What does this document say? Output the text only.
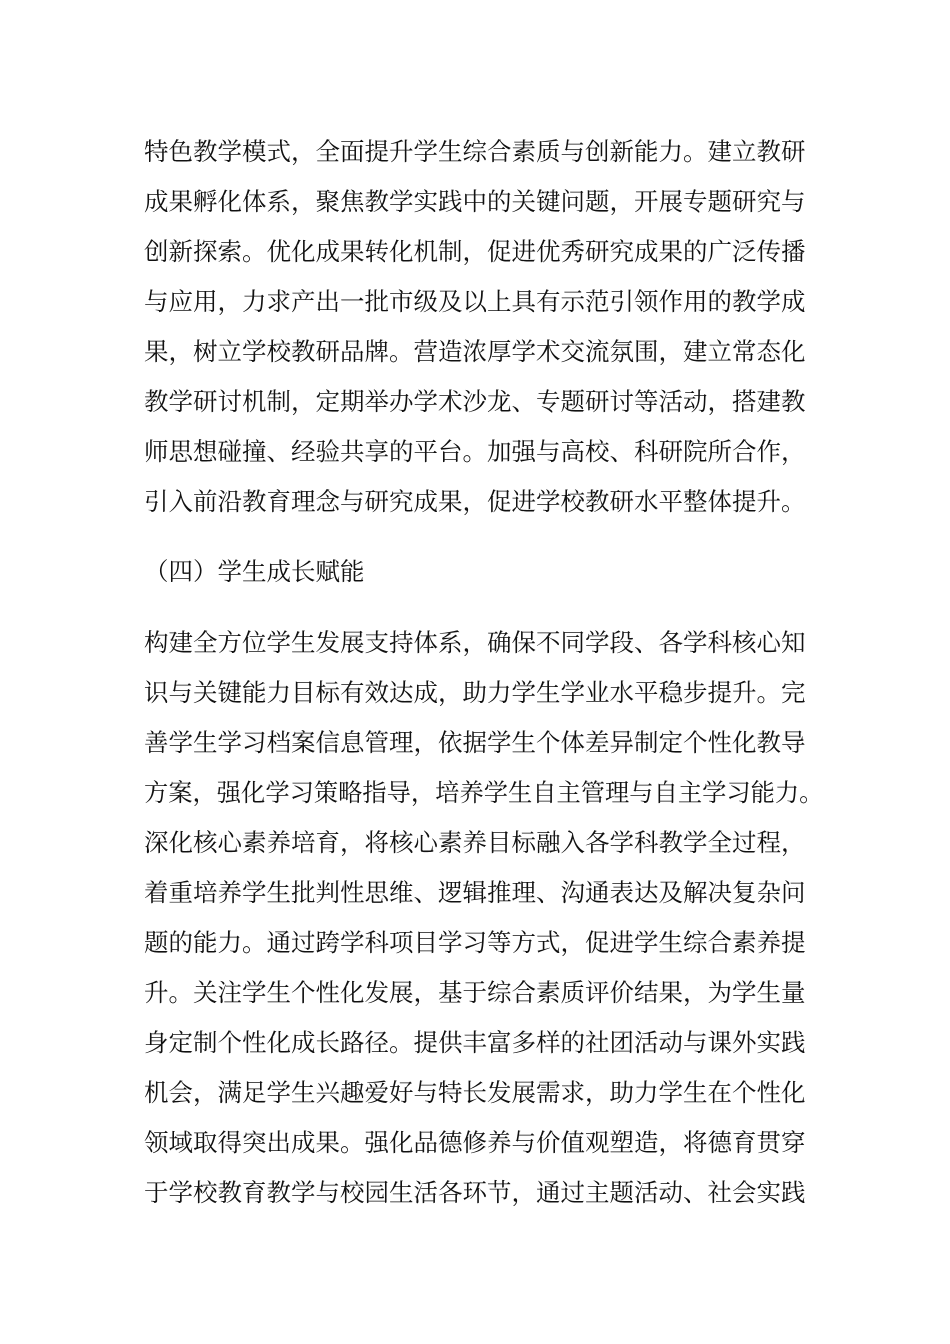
特色教学模式，全面提升学生综合素质与创新能力。建立教研
成果孵化体系，聚焦教学实践中的关键问题，开展专题研究与
创新探索。优化成果转化机制，促进优秀研究成果的广泛传播
与应用，力求产出一批市级及以上具有示范引领作用的教学成
果，树立学校教研品牌。营造浓厚学术交流氛围，建立常态化
教学研讨机制，定期举办学术沙龙、专题研讨等活动，搭建教
师思想碰撞、经验共享的平台。加强与高校、科研院所合作，
引入前沿教育理念与研究成果，促进学校教研水平整体提升。
（四）学生成长赋能
构建全方位学生发展支持体系，确保不同学段、各学科核心知
识与关键能力目标有效达成，助力学生学业水平稳步提升。完
善学生学习档案信息管理，依据学生个体差异制定个性化教导
方案，强化学习策略指导，培养学生自主管理与自主学习能力。
深化核心素养培育，将核心素养目标融入各学科教学全过程，
着重培养学生批判性思维、逻辑推理、沟通表达及解决复杂问
题的能力。通过跨学科项目学习等方式，促进学生综合素养提
升。关注学生个性化发展，基于综合素质评价结果，为学生量
身定制个性化成长路径。提供丰富多样的社团活动与课外实践
机会，满足学生兴趣爱好与特长发展需求，助力学生在个性化
领域取得突出成果。强化品德修养与价值观塑造，将德育贯穿
于学校教育教学与校园生活各环节，通过主题活动、社会实践
